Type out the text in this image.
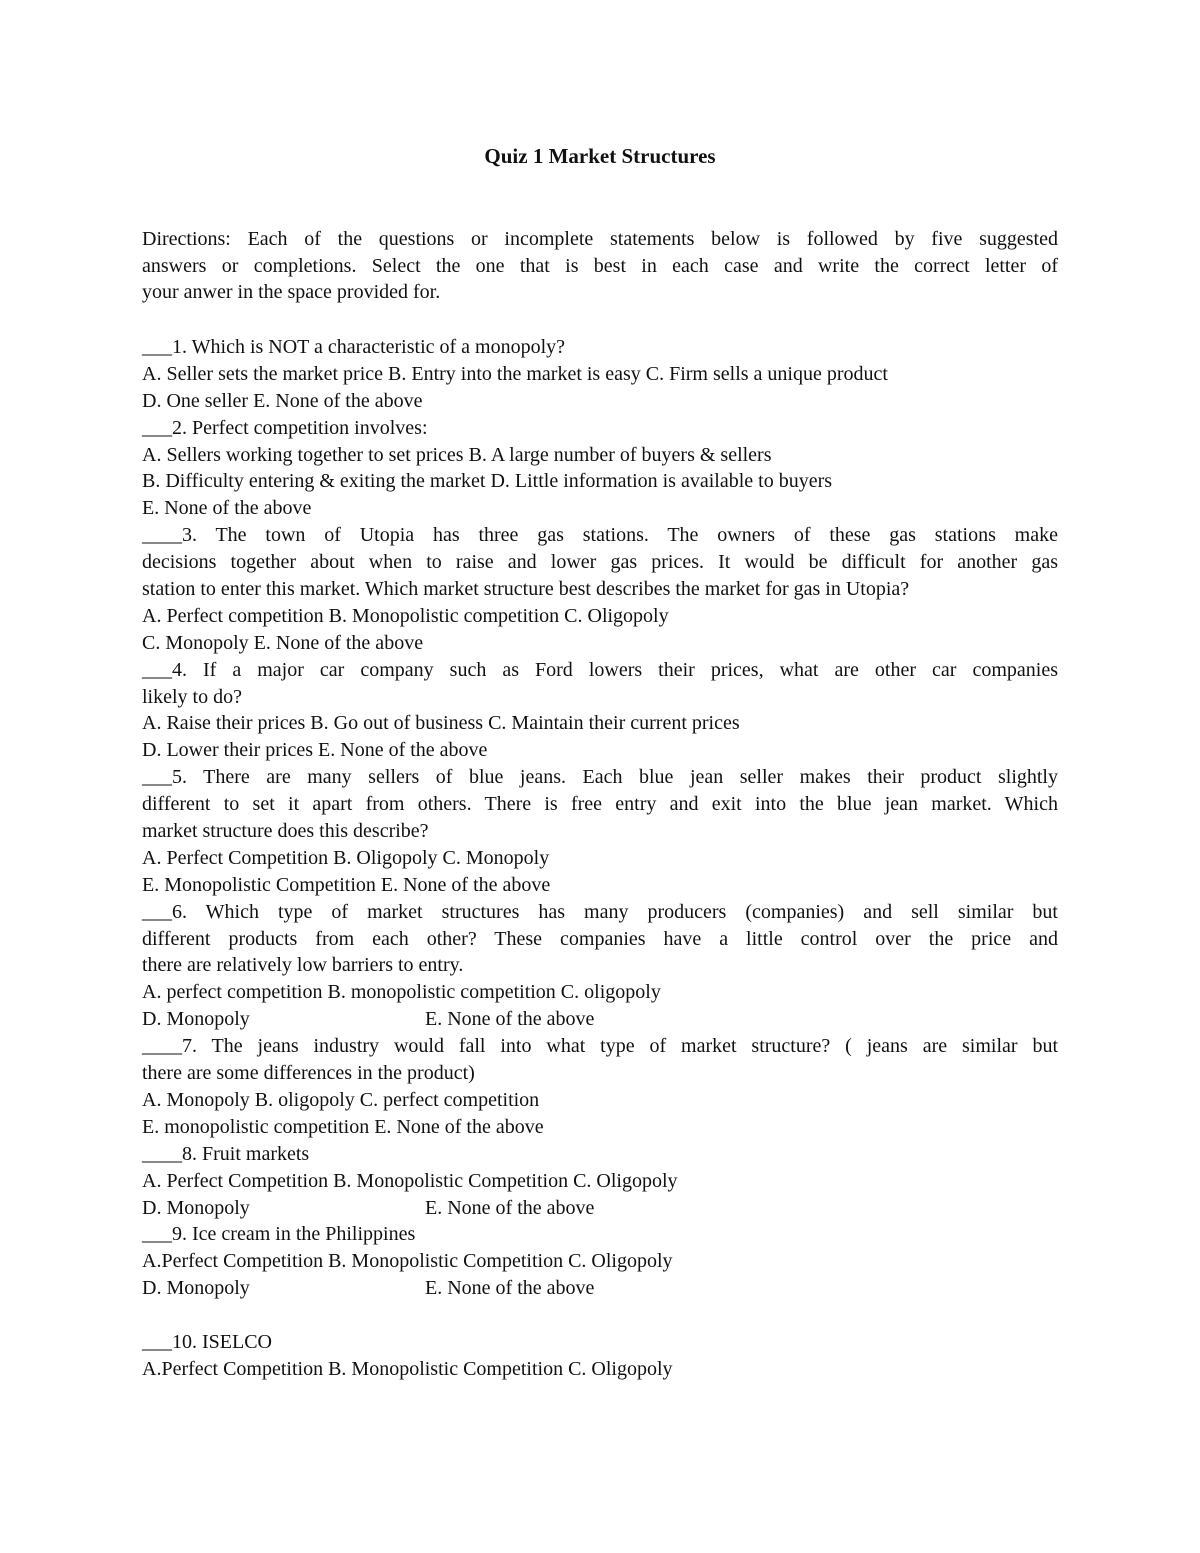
Quiz 1 Market Structures
Directions: Each of the questions or incomplete statements below is followed by five suggested
answers or completions. Select the one that is best in each case and write the correct letter of
your anwer in the space provided for.
___1. Which is NOT a characteristic of a monopoly?
A. Seller sets the market price B. Entry into the market is easy C. Firm sells a unique product
D. One seller E. None of the above
___2. Perfect competition involves:
A. Sellers working together to set prices B. A large number of buyers & sellers
B. Difficulty entering & exiting the market D. Little information is available to buyers
E. None of the above
____3. The town of Utopia has three gas stations. The owners of these gas stations make
decisions together about when to raise and lower gas prices. It would be difficult for another gas
station to enter this market. Which market structure best describes the market for gas in Utopia?
A. Perfect competition B. Monopolistic competition C. Oligopoly
C. Monopoly E. None of the above
___4. If a major car company such as Ford lowers their prices, what are other car companies
likely to do?
A. Raise their prices B. Go out of business C. Maintain their current prices
D. Lower their prices E. None of the above
___5. There are many sellers of blue jeans. Each blue jean seller makes their product slightly
different to set it apart from others. There is free entry and exit into the blue jean market. Which
market structure does this describe?
A. Perfect Competition B. Oligopoly C. Monopoly
E. Monopolistic Competition E. None of the above
___6. Which type of market structures has many producers (companies) and sell similar but
different products from each other? These companies have a little control over the price and
there are relatively low barriers to entry.
A. perfect competition B. monopolistic competition C. oligopoly
D. Monopoly	E. None of the above
____7. The jeans industry would fall into what type of market structure? ( jeans are similar but
there are some differences in the product)
A. Monopoly B. oligopoly C. perfect competition
E. monopolistic competition E. None of the above
____8. Fruit markets
A. Perfect Competition B. Monopolistic Competition C. Oligopoly
D. Monopoly	E. None of the above
___9. Ice cream in the Philippines
A.Perfect Competition B. Monopolistic Competition C. Oligopoly
D. Monopoly	E. None of the above
___10. ISELCO
A.Perfect Competition B. Monopolistic Competition C. Oligopoly
